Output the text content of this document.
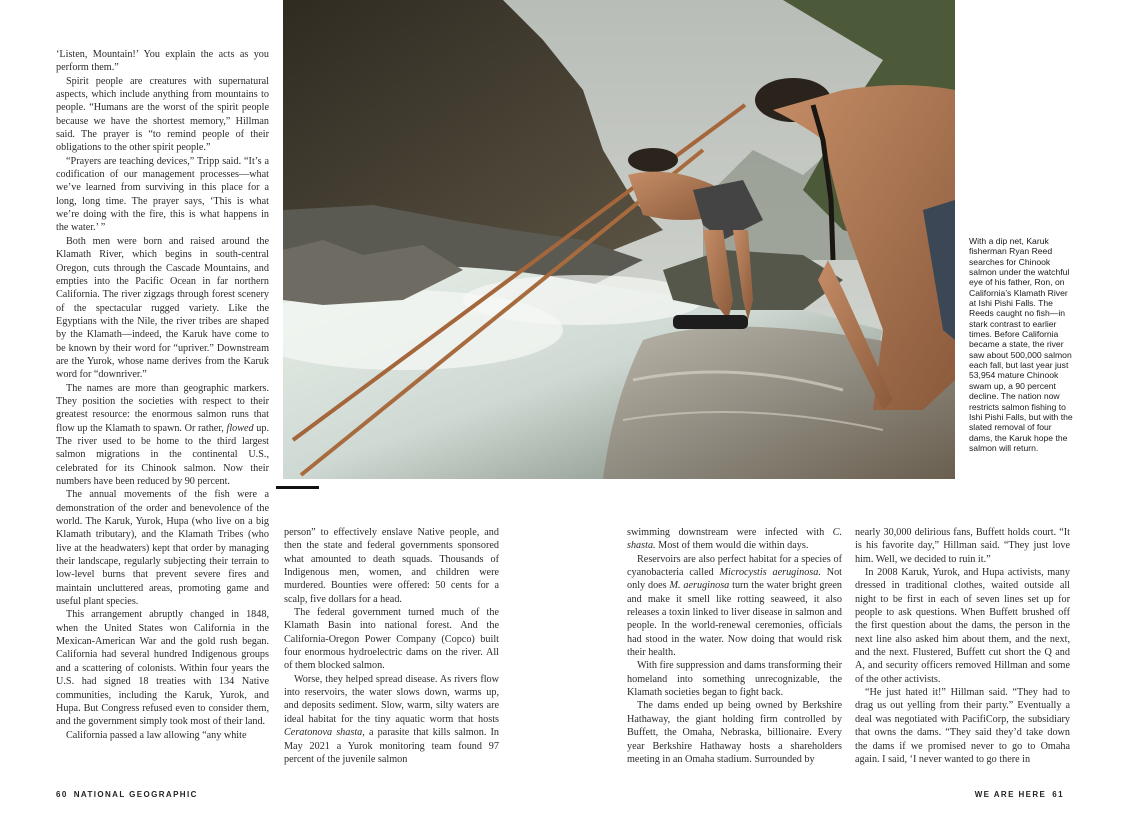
‘Listen, Mountain!’ You explain the acts as you perform them.”

Spirit people are creatures with supernatural aspects, which include anything from mountains to people. “Humans are the worst of the spirit people because we have the shortest memory,” Hillman said. The prayer is “to remind people of their obligations to the other spirit people.”

“Prayers are teaching devices,” Tripp said. “It’s a codification of our management processes—what we’ve learned from surviving in this place for a long, long time. The prayer says, ‘This is what we’re doing with the fire, this is what happens in the water.’ ”

Both men were born and raised around the Klamath River, which begins in south-central Oregon, cuts through the Cascade Mountains, and empties into the Pacific Ocean in far northern California. The river zigzags through forest scenery of the spectacular rugged variety. Like the Egyptians with the Nile, the river tribes are shaped by the Klamath—indeed, the Karuk have come to be known by their word for “upriver.” Downstream are the Yurok, whose name derives from the Karuk word for “downriver.”

The names are more than geographic markers. They position the societies with respect to their greatest resource: the enormous salmon runs that flow up the Klamath to spawn. Or rather, flowed up. The river used to be home to the third largest salmon migrations in the continental U.S., celebrated for its Chinook salmon. Now their numbers have been reduced by 90 percent.

The annual movements of the fish were a demonstration of the order and benevolence of the world. The Karuk, Yurok, Hupa (who live on a big Klamath tributary), and the Klamath Tribes (who live at the headwaters) kept that order by managing their landscape, regularly subjecting their terrain to low-level burns that prevent severe fires and maintain uncluttered areas, promoting game and useful plant species.

This arrangement abruptly changed in 1848, when the United States won California in the Mexican-American War and the gold rush began. California had several hundred Indigenous groups and a scattering of colonists. Within four years the U.S. had signed 18 treaties with 134 Native communities, including the Karuk, Yurok, and Hupa. But Congress refused even to consider them, and the government simply took most of their land.

California passed a law allowing “any white

With a dip net, Karuk fisherman Ryan Reed searches for Chinook salmon under the watchful eye of his father, Ron, on California’s Klamath River at Ishi Pishi Falls. The Reeds caught no fish—in stark contrast to earlier times. Before California became a state, the river saw about 500,000 salmon each fall, but last year just 53,954 mature Chinook swam up, a 90 percent decline. The nation now restricts salmon fishing to Ishi Pishi Falls, but with the slated removal of four dams, the Karuk hope the salmon will return.

person” to effectively enslave Native people, and then the state and federal governments sponsored what amounted to death squads. Thousands of Indigenous men, women, and children were murdered. Bounties were offered: 50 cents for a scalp, five dollars for a head.

The federal government turned much of the Klamath Basin into national forest. And the California-Oregon Power Company (Copco) built four enormous hydroelectric dams on the river. All of them blocked salmon.

Worse, they helped spread disease. As rivers flow into reservoirs, the water slows down, warms up, and deposits sediment. Slow, warm, silty waters are ideal habitat for the tiny aquatic worm that hosts Ceratonova shasta, a parasite that kills salmon. In May 2021 a Yurok monitoring team found 97 percent of the juvenile salmon

swimming downstream were infected with C. shasta. Most of them would die within days.

Reservoirs are also perfect habitat for a species of cyanobacteria called Microcystis aeruginosa. Not only does M. aeruginosa turn the water bright green and make it smell like rotting seaweed, it also releases a toxin linked to liver disease in salmon and people. In the world-renewal ceremonies, officials had stood in the water. Now doing that would risk their health.

With fire suppression and dams transforming their homeland into something unrecognizable, the Klamath societies began to fight back.

The dams ended up being owned by Berkshire Hathaway, the giant holding firm controlled by Buffett, the Omaha, Nebraska, billionaire. Every year Berkshire Hathaway hosts a shareholders meeting in an Omaha stadium. Surrounded by

nearly 30,000 delirious fans, Buffett holds court. “It is his favorite day,” Hillman said. “They just love him. Well, we decided to ruin it.”

In 2008 Karuk, Yurok, and Hupa activists, many dressed in traditional clothes, waited outside all night to be first in each of seven lines set up for people to ask questions. When Buffett brushed off the first question about the dams, the person in the next line also asked him about them, and the next, and the next. Flustered, Buffett cut short the Q and A, and security officers removed Hillman and some of the other activists.

“He just hated it!” Hillman said. “They had to drag us out yelling from their party.” Eventually a deal was negotiated with PacifiCorp, the subsidiary that owns the dams. “They said they’d take down the dams if we promised never to go to Omaha again. I said, ‘I never wanted to go there in

60 NATIONAL GEOGRAPHIC	WE ARE HERE 61
